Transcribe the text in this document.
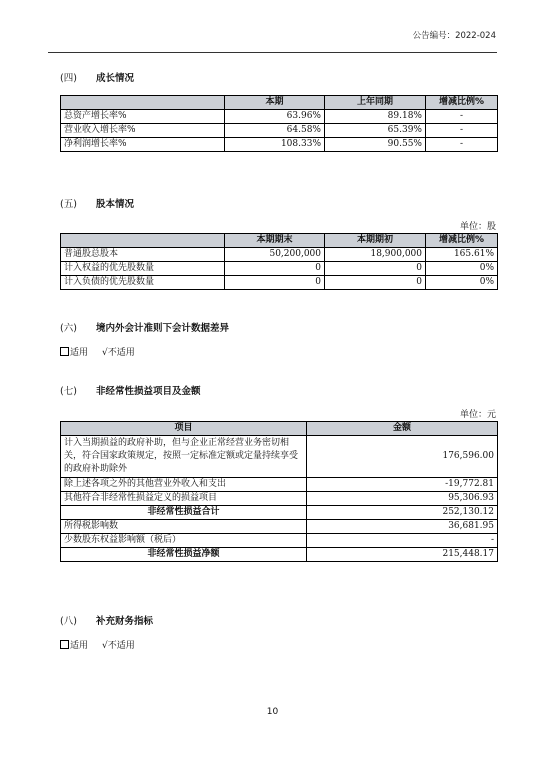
公告编号：2022-024
(四) 成长情况
	本期	上年同期	增减比例%
总资产增长率%	63.96%	89.18%	-
营业收入增长率%	64.58%	65.39%	-
净利润增长率%	108.33%	90.55%	-
(五) 股本情况
单位：股
	本期期末	本期期初	增减比例%
普通股总股本	50,200,000	18,900,000	165.61%
计入权益的优先股数量	0	0	0%
计入负债的优先股数量	0	0	0%
(六) 境内外会计准则下会计数据差异
适用 √不适用
(七) 非经常性损益项目及金额
单位：元
项目	金额
计入当期损益的政府补助，但与企业正常经营业务密切相关，符合国家政策规定，按照一定标准定额或定量持续享受的政府补助除外	176,596.00
除上述各项之外的其他营业外收入和支出	-19,772.81
其他符合非经常性损益定义的损益项目	95,306.93
非经常性损益合计	252,130.12
所得税影响数	36,681.95
少数股东权益影响额（税后）	-
非经常性损益净额	215,448.17
(八) 补充财务指标
适用 √不适用
10
